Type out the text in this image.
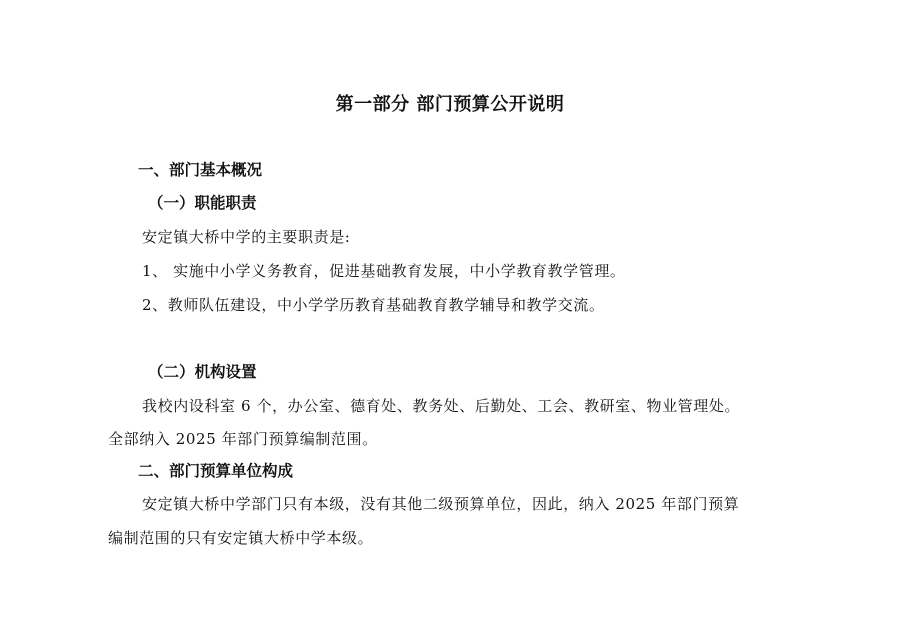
第一部分 部门预算公开说明
一、部门基本概况
（一）职能职责
安定镇大桥中学的主要职责是:
1、 实施中小学义务教育，促进基础教育发展，中小学教育教学管理。
2、教师队伍建设，中小学学历教育基础教育教学辅导和教学交流。
（二）机构设置
我校内设科室 6 个，办公室、德育处、教务处、后勤处、工会、教研室、物业管理处。
全部纳入 2025 年部门预算编制范围。
二、部门预算单位构成
安定镇大桥中学部门只有本级，没有其他二级预算单位，因此，纳入 2025 年部门预算
编制范围的只有安定镇大桥中学本级。
